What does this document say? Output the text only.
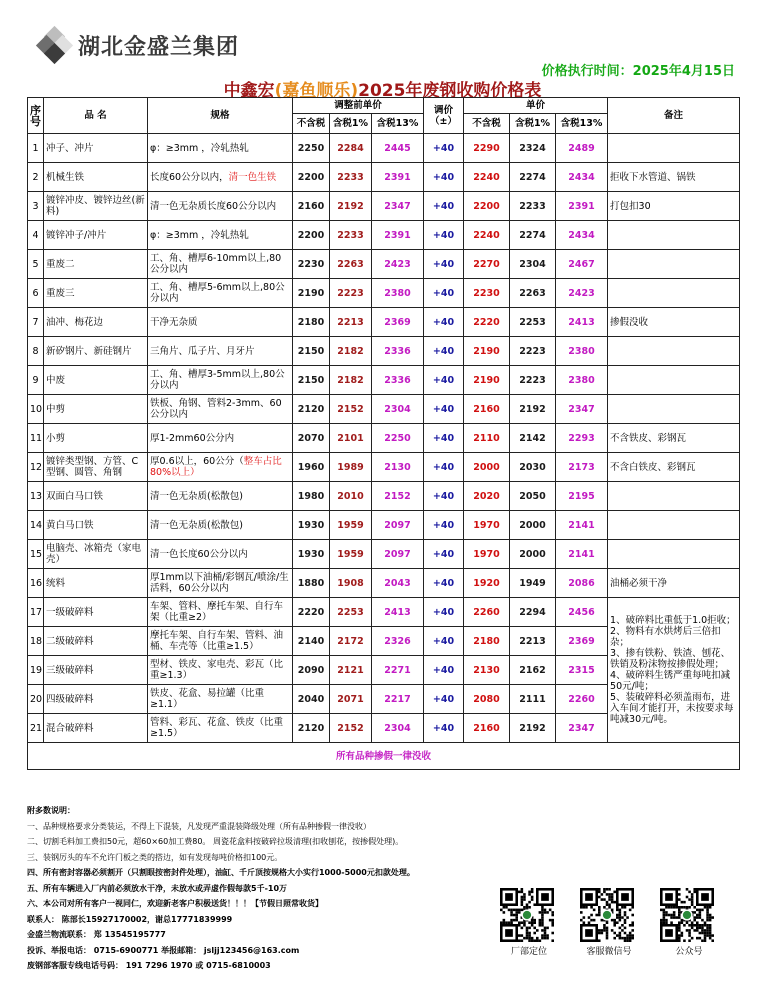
湖北金盛兰集团
价格执行时间：2025年4月15日
中鑫宏(嘉鱼顺乐)2025年废钢收购价格表
序号	品 名	规格	调整前单价			调价（±）	单价			备注
			不含税	含税1%	含税13%		不含税	含税1%	含税13%	
1	冲子、冲片	φ：≥3mm ，冷轧热轧	2250	2284	2445	+40	2290	2324	2489	
2	机械生铁	长度60公分以内，清一色生铁	2200	2233	2391	+40	2240	2274	2434	拒收下水管道、锅铁
3	镀锌冲皮、镀锌边丝(新料)	清一色无杂质长度60公分以内	2160	2192	2347	+40	2200	2233	2391	打包扣30
4	镀锌冲子/冲片	φ：≥3mm ，冷轧热轧	2200	2233	2391	+40	2240	2274	2434	
5	重废二	工、角、槽厚6-10mm以上,80公分以内	2230	2263	2423	+40	2270	2304	2467	
6	重废三	工、角、槽厚5-6mm以上,80公分以内	2190	2223	2380	+40	2230	2263	2423	
7	油冲、梅花边	干净无杂质	2180	2213	2369	+40	2220	2253	2413	掺假没收
8	新矽钢片、新硅钢片	三角片、瓜子片、月牙片	2150	2182	2336	+40	2190	2223	2380	
9	中废	工、角、槽厚3-5mm以上,80公分以内	2150	2182	2336	+40	2190	2223	2380	
10	中剪	铁板、角钢、管料2-3mm、60公分以内	2120	2152	2304	+40	2160	2192	2347	
11	小剪	厚1-2mm60公分内	2070	2101	2250	+40	2110	2142	2293	不含铁皮、彩钢瓦
12	镀锌类型钢、方管、C型钢、圆管、角钢	厚0.6以上，60公分（整车占比80%以上）	1960	1989	2130	+40	2000	2030	2173	不含白铁皮、彩钢瓦
13	双面白马口铁	清一色无杂质(松散包)	1980	2010	2152	+40	2020	2050	2195	
14	黄白马口铁	清一色无杂质(松散包)	1930	1959	2097	+40	1970	2000	2141	
15	电脑壳、冰箱壳（家电壳）	清一色长度60公分以内	1930	1959	2097	+40	1970	2000	2141	
16	统料	厚1mm以下油桶/彩钢瓦/喷涂/生活料，60公分以内	1880	1908	2043	+40	1920	1949	2086	油桶必须干净
17	一级破碎料	车架、管料、摩托车架、自行车架（比重≥2）	2220	2253	2413	+40	2260	2294	2456	1、破碎料比重低于1.0拒收；
2、物料有水烘烤后三倍扣杂；
3、掺有铁粉、铁渣、刨花、铁销及粉沫物按掺假处理；
4、破碎料生锈严重每吨扣减50元/吨；
5、装破碎料必须盖雨布，进入车间才能打开，未按要求每吨减30元/吨。

18	二级破碎料	摩托车架、自行车架、管料、油桶、车壳等（比重≥1.5）	2140	2172	2326	+40	2180	2213	2369	
19	三级破碎料	型材、铁皮、家电壳、彩瓦（比重≥1.3）	2090	2121	2271	+40	2130	2162	2315	
20	四级破碎料	铁皮、花盒、易拉罐（比重≥1.1）	2040	2071	2217	+40	2080	2111	2260	
21	混合破碎料	管料、彩瓦、花盒、铁皮（比重≥1.5）	2120	2152	2304	+40	2160	2192	2347	
所有品种掺假一律没收										
附多数说明：
一、品种规格要求分类装运，不得上下混装，凡发现严重混装降级处理（所有品种掺假一律没收）
二、切割毛料加工费扣50元，超60×60加工费80。 周瓷花盒料按破碎拉圾清理(扣收刨花，按掺假处理)。
三、装钢厉头的车不允许门板之类的搭边，如有发现每吨价格扣100元。
四、所有密封容器必须割开（只割眼按密封件处理），油缸、千斤顶按规格大小实行1000-5000元扣款处理。
五、所有车辆进入厂内前必须放水干净，未放水或弄虚作假每款5千-10万
六、本公司对所有客户一视同仁，欢迎新老客户积极送货！！！【节假日照常收货】
联系人： 陈部长15927170002，谢总17771839999
金盛兰物流联系： 郑 13545195777
投诉、举报电话： 0715-6900771 举报邮箱： jsljj123456@163.com
废钢部客服专线电话号码： 191 7296 1970 或 0715-6810003
厂部定位	客服微信号	公众号
